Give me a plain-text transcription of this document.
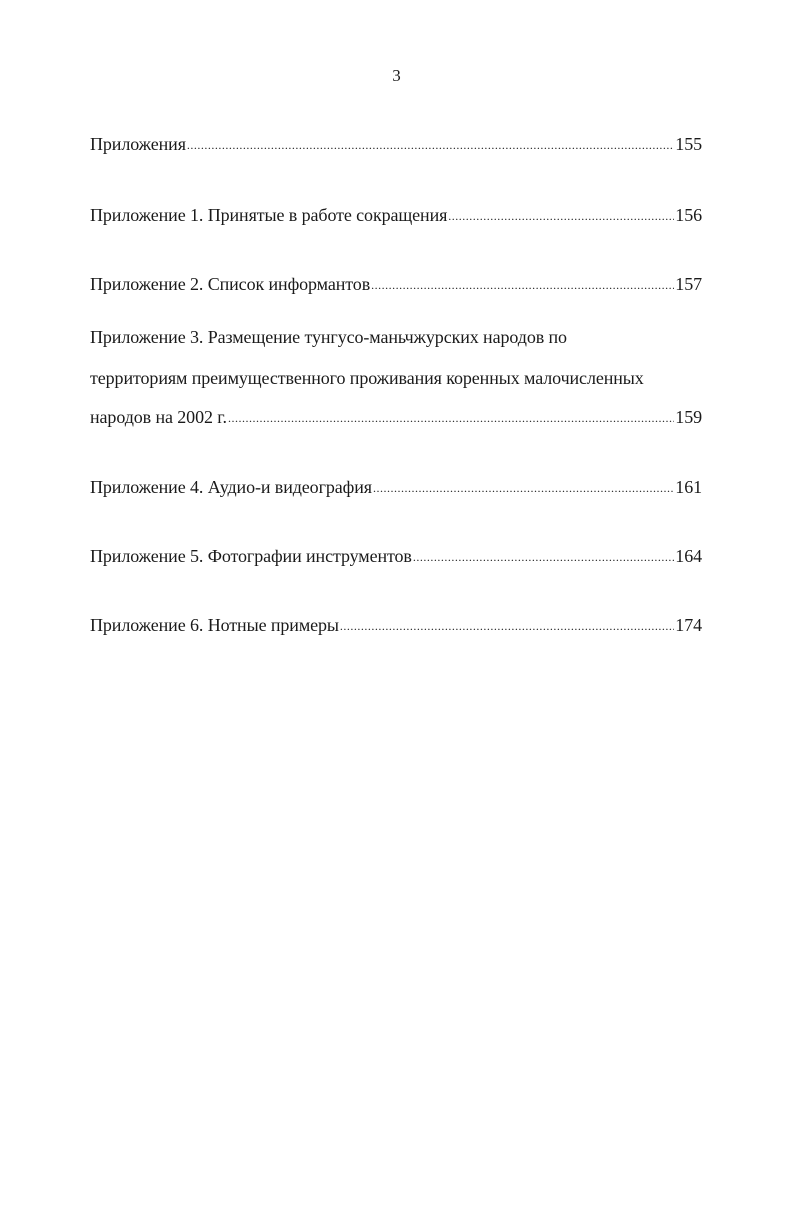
3
Приложения .....	155
Приложение 1. Принятые в работе сокращения .....	156
Приложение 2. Список информантов .....	157
Приложение 3. Размещение тунгусо-маньчжурских народов по
территориям преимущественного проживания коренных малочисленных
народов на 2002 г. .....	159
Приложение 4. Аудио-и видеография .....	161
Приложение 5. Фотографии инструментов .....	164
Приложение 6. Нотные примеры .....	174
